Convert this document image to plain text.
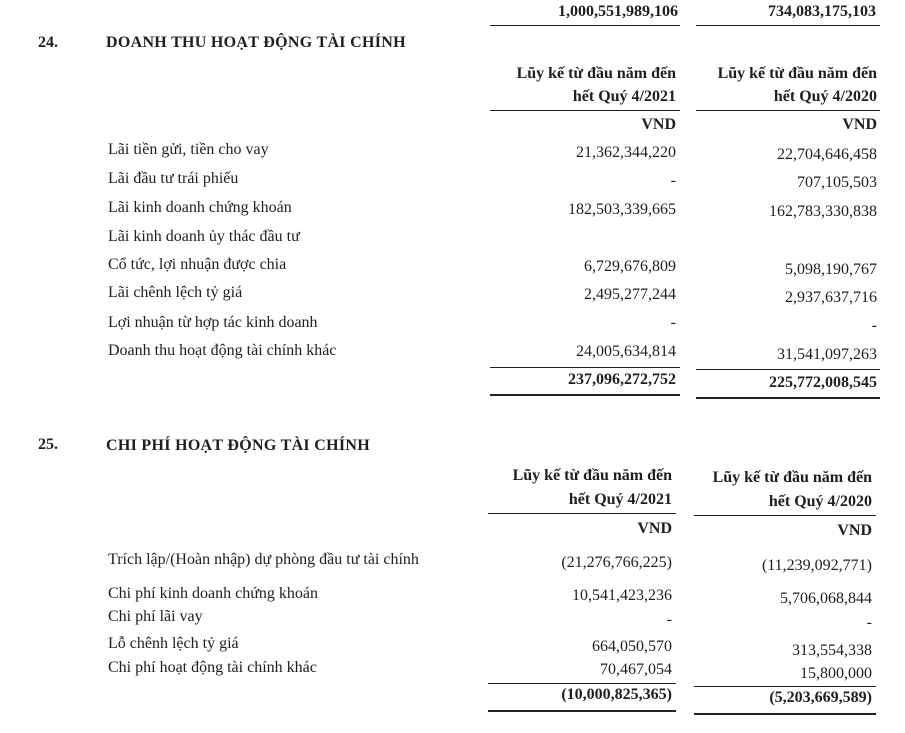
1,000,551,989,106	734,083,175,103
24.	DOANH THU HOẠT ĐỘNG TÀI CHÍNH
Lũy kế từ đầu năm đến
hết Quý 4/2021
Lũy kế từ đầu năm đến
hết Quý 4/2020
VND	VND
Lãi tiền gửi, tiền cho vay	21,362,344,220	22,704,646,458
Lãi đầu tư trái phiếu	-	707,105,503
Lãi kinh doanh chứng khoán	182,503,339,665	162,783,330,838
Lãi kinh doanh ủy thác đầu tư
Cổ tức, lợi nhuận được chia	6,729,676,809	5,098,190,767
Lãi chênh lệch tỷ giá	2,495,277,244	2,937,637,716
Lợi nhuận từ hợp tác kinh doanh	-	-
Doanh thu hoạt động tài chính khác	24,005,634,814	31,541,097,263
237,096,272,752	225,772,008,545
25.	CHI PHÍ HOẠT ĐỘNG TÀI CHÍNH
Lũy kế từ đầu năm đến
hết Quý 4/2021
Lũy kế từ đầu năm đến
hết Quý 4/2020
VND	VND
Trích lập/(Hoàn nhập) dự phòng đầu tư tài chính	(21,276,766,225)	(11,239,092,771)
Chi phí kinh doanh chứng khoán	10,541,423,236	5,706,068,844
Chi phí lãi vay	-	-
Lỗ chênh lệch tỷ giá	664,050,570	313,554,338
Chi phí hoạt động tài chính khác	70,467,054	15,800,000
(10,000,825,365)	(5,203,669,589)
